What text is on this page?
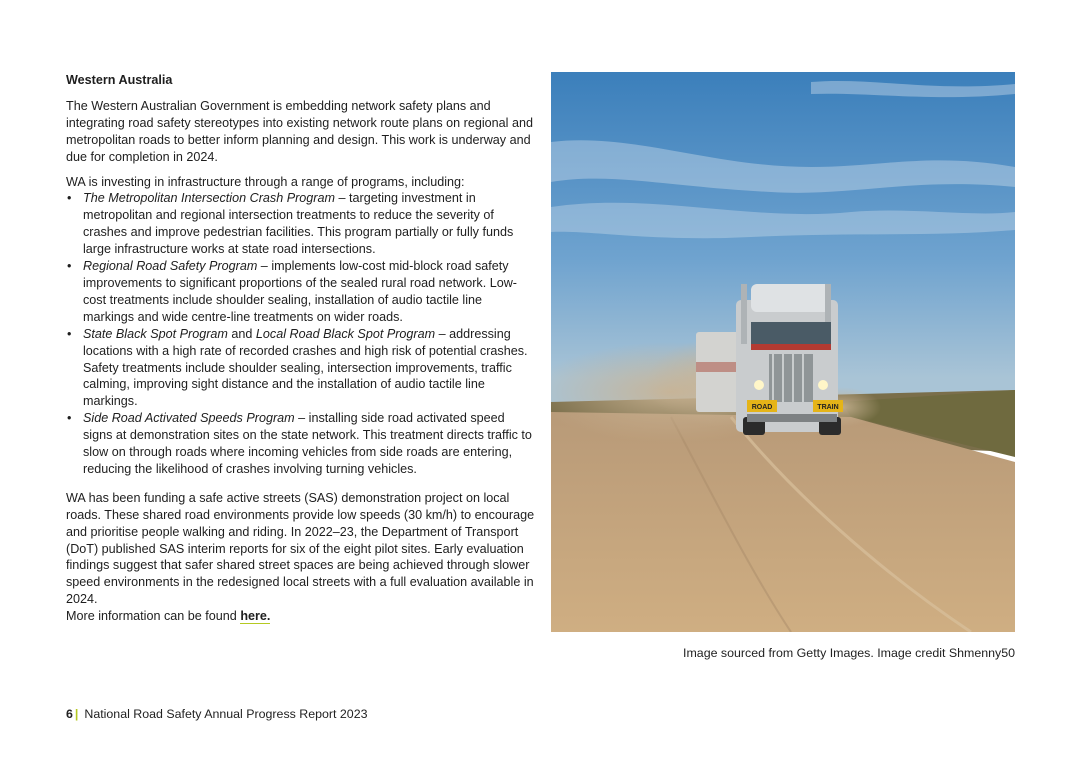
Western Australia

The Western Australian Government is embedding network safety plans and integrating road safety stereotypes into existing network route plans on regional and metropolitan roads to better inform planning and design. This work is underway and due for completion in 2024.

WA is investing in infrastructure through a range of programs, including:

• The Metropolitan Intersection Crash Program – targeting investment in metropolitan and regional intersection treatments to reduce the severity of crashes and improve pedestrian facilities. This program partially or fully funds large infrastructure works at state road intersections.
• Regional Road Safety Program – implements low-cost mid-block road safety improvements to significant proportions of the sealed rural road network. Low-cost treatments include shoulder sealing, installation of audio tactile line markings and wide centre-line treatments on wider roads.
• State Black Spot Program and Local Road Black Spot Program – addressing locations with a high rate of recorded crashes and high risk of potential crashes. Safety treatments include shoulder sealing, intersection improvements, traffic calming, improving sight distance and the installation of audio tactile line markings.
• Side Road Activated Speeds Program – installing side road activated speed signs at demonstration sites on the state network. This treatment directs traffic to slow on through roads where incoming vehicles from side roads are entering, reducing the likelihood of crashes involving turning vehicles.

WA has been funding a safe active streets (SAS) demonstration project on local roads. These shared road environments provide low speeds (30 km/h) to encourage and prioritise people walking and riding. In 2022–23, the Department of Transport (DoT) published SAS interim reports for six of the eight pilot sites. Early evaluation findings suggest that safer shared street spaces are being achieved through slower speed environments in the redesigned local streets with a full evaluation available in 2024.
More information can be found here.

ROAD	TRAIN
Image sourced from Getty Images. Image credit Shmenny50
6 | National Road Safety Annual Progress Report 2023
